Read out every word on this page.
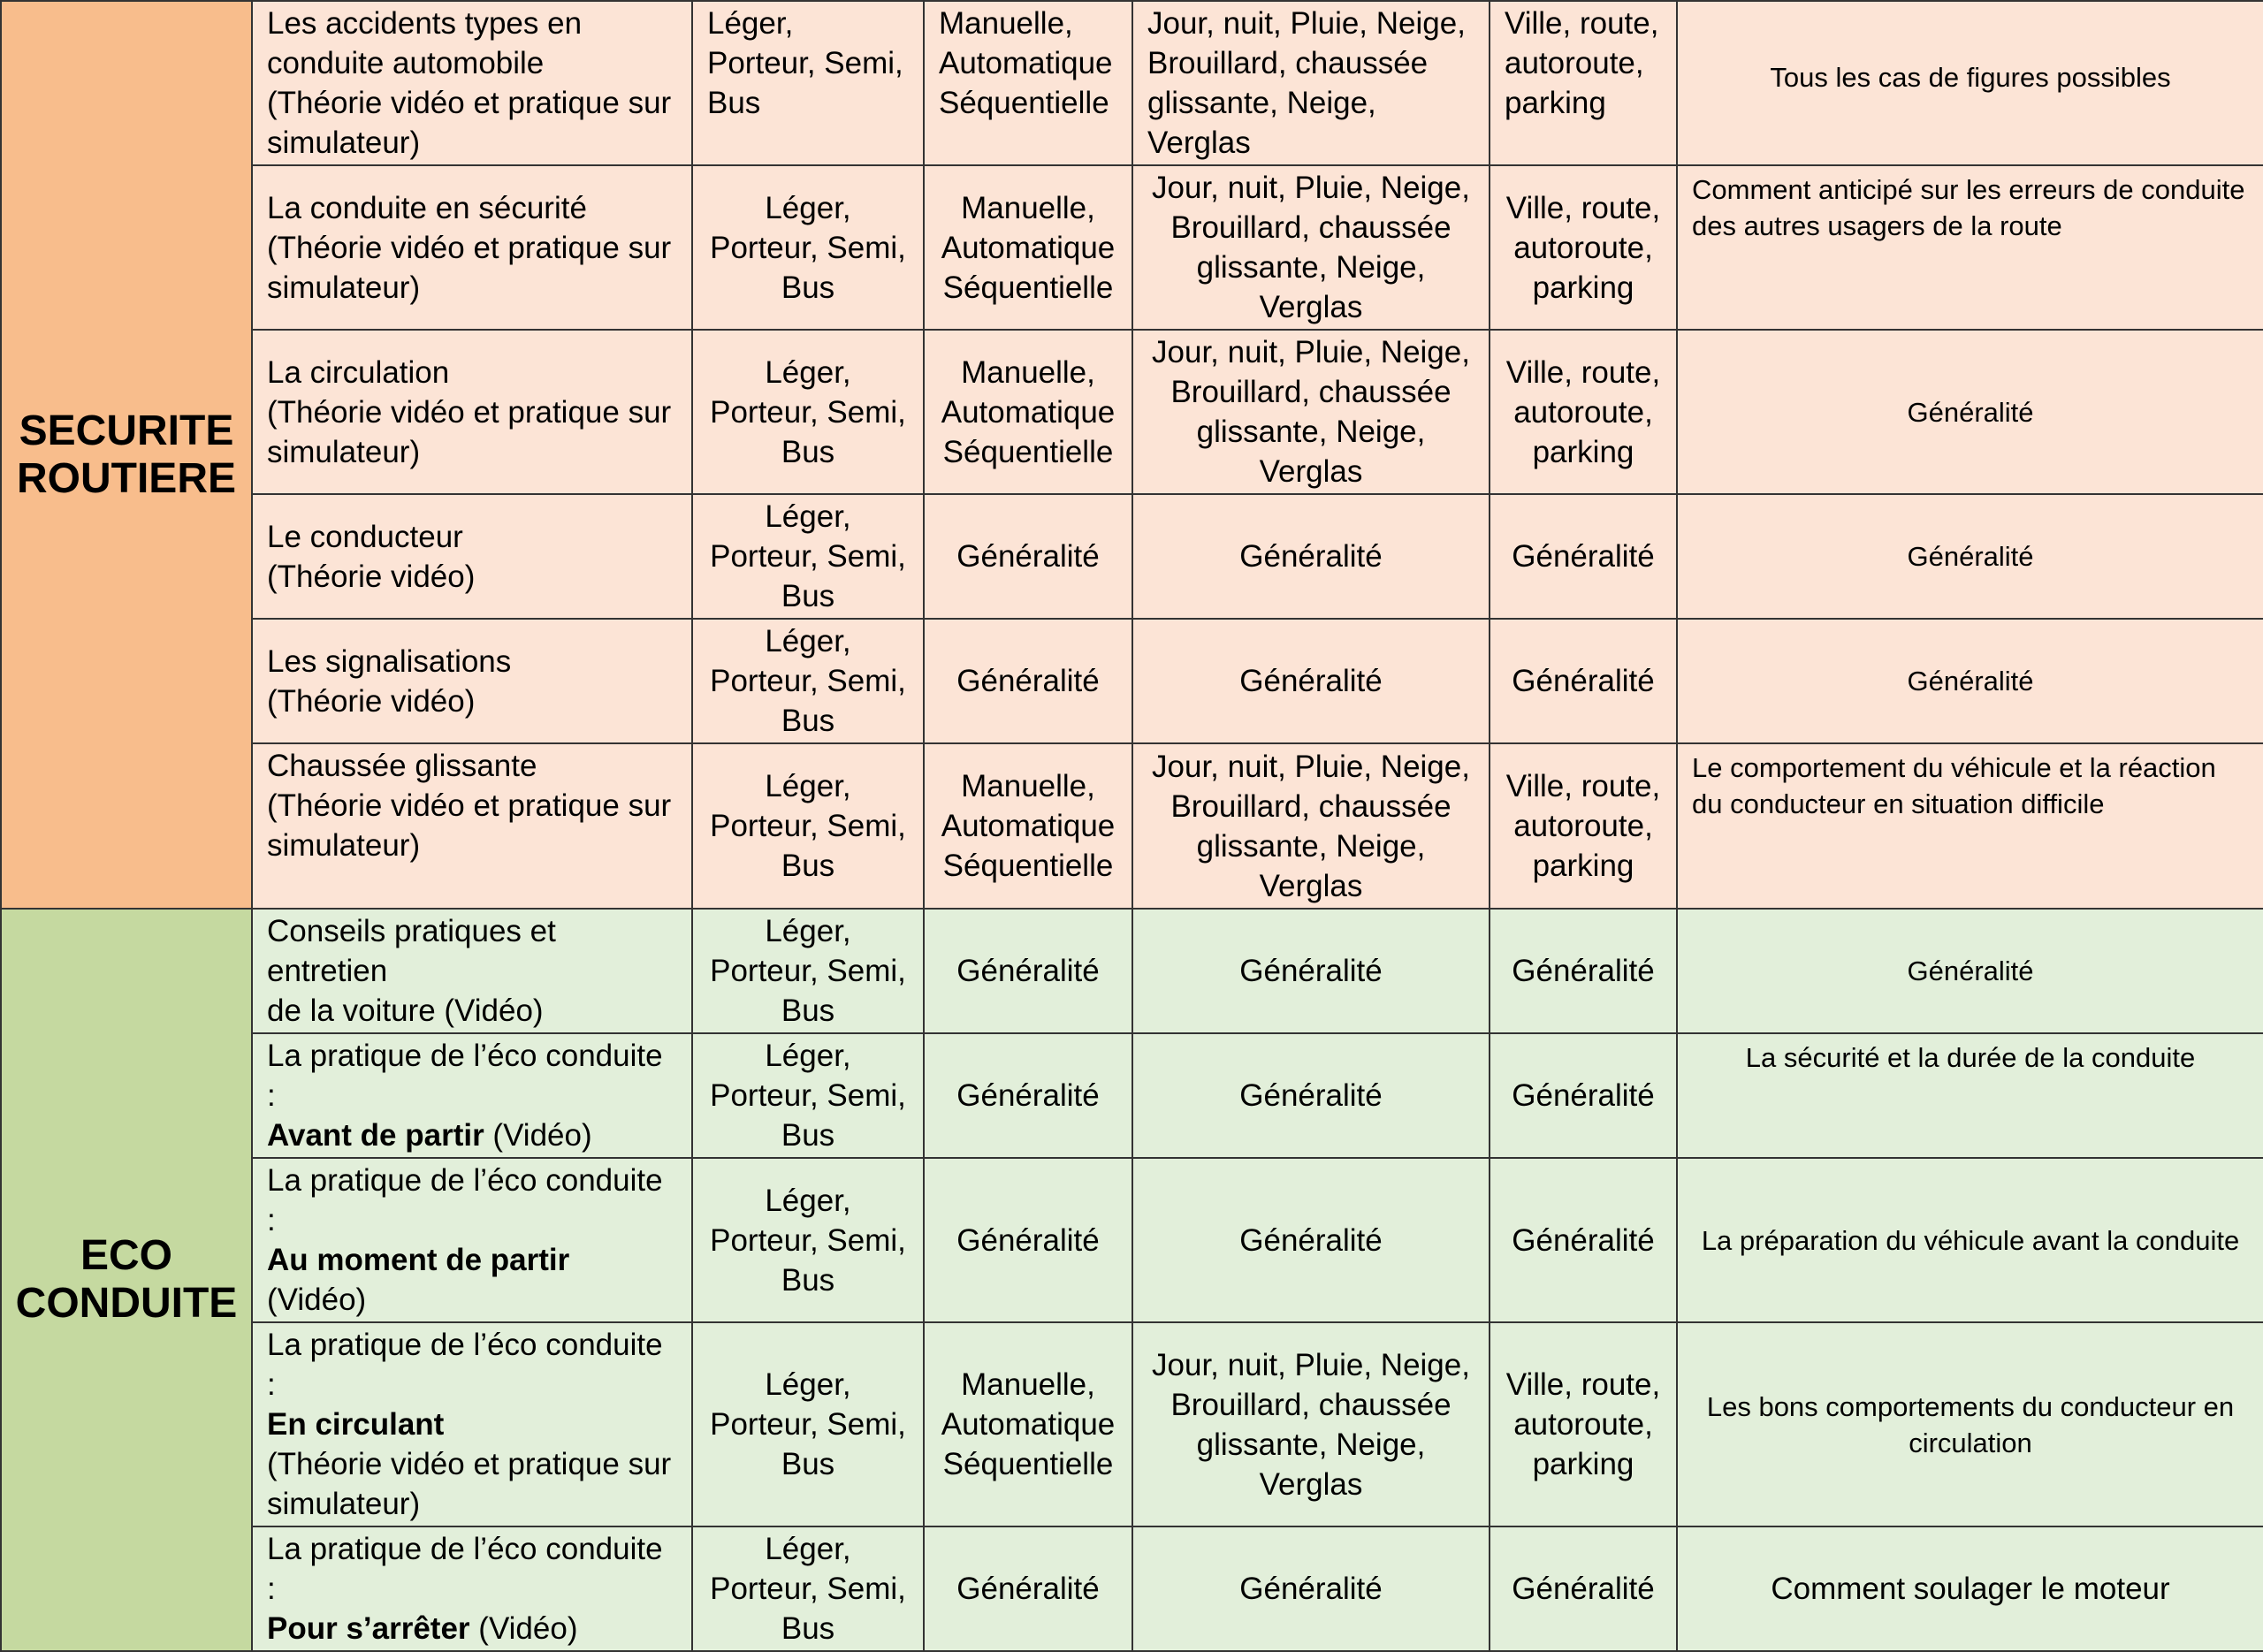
SECURITE
ROUTIERE	Les accidents types en
conduite automobile
(Théorie vidéo et pratique sur
simulateur)	Léger, Porteur, Semi, Bus	Manuelle,
Automatique
Séquentielle	Jour, nuit, Pluie, Neige,
Brouillard, chaussée
glissante, Neige, Verglas	Ville, route,
autoroute,
parking	Tous les cas de figures possibles

	La conduite en sécurité
(Théorie vidéo et pratique sur
simulateur)	Léger, Porteur, Semi, Bus	Manuelle,
Automatique
Séquentielle	Jour, nuit, Pluie, Neige,
Brouillard, chaussée
glissante, Neige, Verglas	Ville, route,
autoroute,
parking	Comment anticipé sur les erreurs de conduite des autres usagers de la route

	La circulation
(Théorie vidéo et pratique sur
simulateur)	Léger, Porteur, Semi, Bus	Manuelle,
Automatique
Séquentielle	Jour, nuit, Pluie, Neige,
Brouillard, chaussée
glissante, Neige, Verglas	Ville, route,
autoroute,
parking	Généralité

	Le conducteur
(Théorie vidéo)	Léger, Porteur, Semi, Bus	Généralité	Généralité	Généralité	Généralité

	Les signalisations
(Théorie vidéo)	Léger, Porteur, Semi, Bus	Généralité	Généralité	Généralité	Généralité

	Chaussée glissante
(Théorie vidéo et pratique sur
simulateur)	Léger, Porteur, Semi, Bus	Manuelle,
Automatique
Séquentielle	Jour, nuit, Pluie, Neige,
Brouillard, chaussée
glissante, Neige, Verglas	Ville, route,
autoroute,
parking	Le comportement du véhicule et la réaction du conducteur en situation difficile

ECO
CONDUITE	Conseils pratiques et entretien
de la voiture (Vidéo)	Léger, Porteur, Semi, Bus	Généralité	Généralité	Généralité	Généralité

	La pratique de l’éco conduite :
Avant de partir (Vidéo)	Léger, Porteur, Semi, Bus	Généralité	Généralité	Généralité	La sécurité et la durée de la conduite

	La pratique de l’éco conduite :
Au moment de partir (Vidéo)	Léger, Porteur, Semi, Bus	Généralité	Généralité	Généralité	La préparation du véhicule avant la conduite

	La pratique de l’éco conduite :
En circulant
(Théorie vidéo et pratique sur
simulateur)	Léger, Porteur, Semi, Bus	Manuelle,
Automatique
Séquentielle	Jour, nuit, Pluie, Neige,
Brouillard, chaussée
glissante, Neige, Verglas	Ville, route,
autoroute,
parking	Les bons comportements du conducteur en circulation

	La pratique de l’éco conduite :
Pour s’arrêter (Vidéo)	Léger, Porteur, Semi, Bus	Généralité	Généralité	Généralité	Comment soulager le moteur
